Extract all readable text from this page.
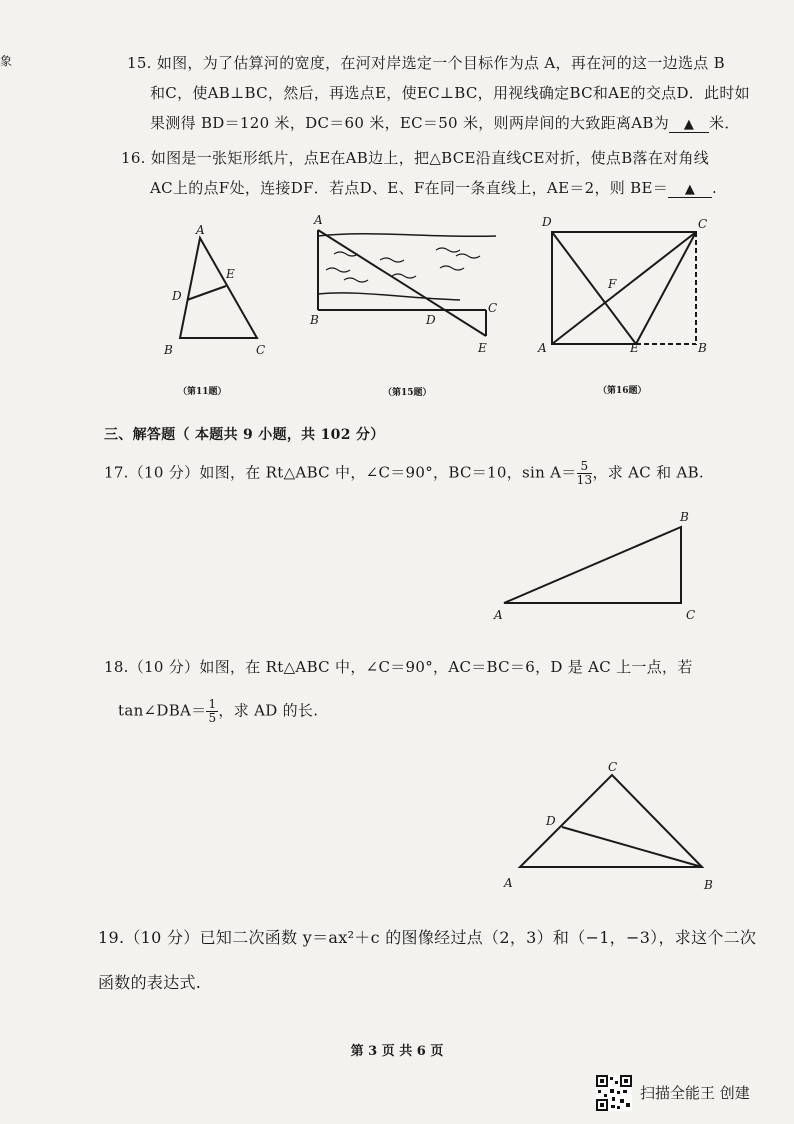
象	15. 如图，为了估算河的宽度，在河对岸选定一个目标作为点 A，再在河的这一边选点 B
和C，使AB⊥BC，然后，再选点E，使EC⊥BC，用视线确定BC和AE的交点D．此时如
果测得 BD＝120 米，DC＝60 米，EC＝50 米，则两岸间的大致距离AB为 ▲ 米．
16. 如图是一张矩形纸片，点E在AB边上，把△BCE沿直线CE对折，使点B落在对角线
AC上的点F处，连接DF．若点D、E、F在同一条直线上，AE＝2，则 BE＝ ▲ .
A
E
D
B	C
（第11题）
A
B	D
C
E
（第15题）
D	C
F
A	E	B
（第16题）
三、解答题（ 本题共 9 小题，共 102 分）
17.（10 分）如图，在 Rt△ABC 中，∠C＝90°，BC＝10，$\sin A= \frac{5}{13}$ ，求 AC 和 AB.
B
A	C
18.（10 分）如图，在 Rt△ABC 中，∠C＝90°，AC＝BC＝6，D 是 AC 上一点，若
tan∠DBA＝ $\frac{1}{5}$ ，求 AD 的长.
C
D
A	B
19.（10 分）已知二次函数 y＝ax²＋c 的图像经过点（2，3）和（−1，−3），求这个二次
函数的表达式.
第 3 页 共 6 页
扫描全能王 创建
